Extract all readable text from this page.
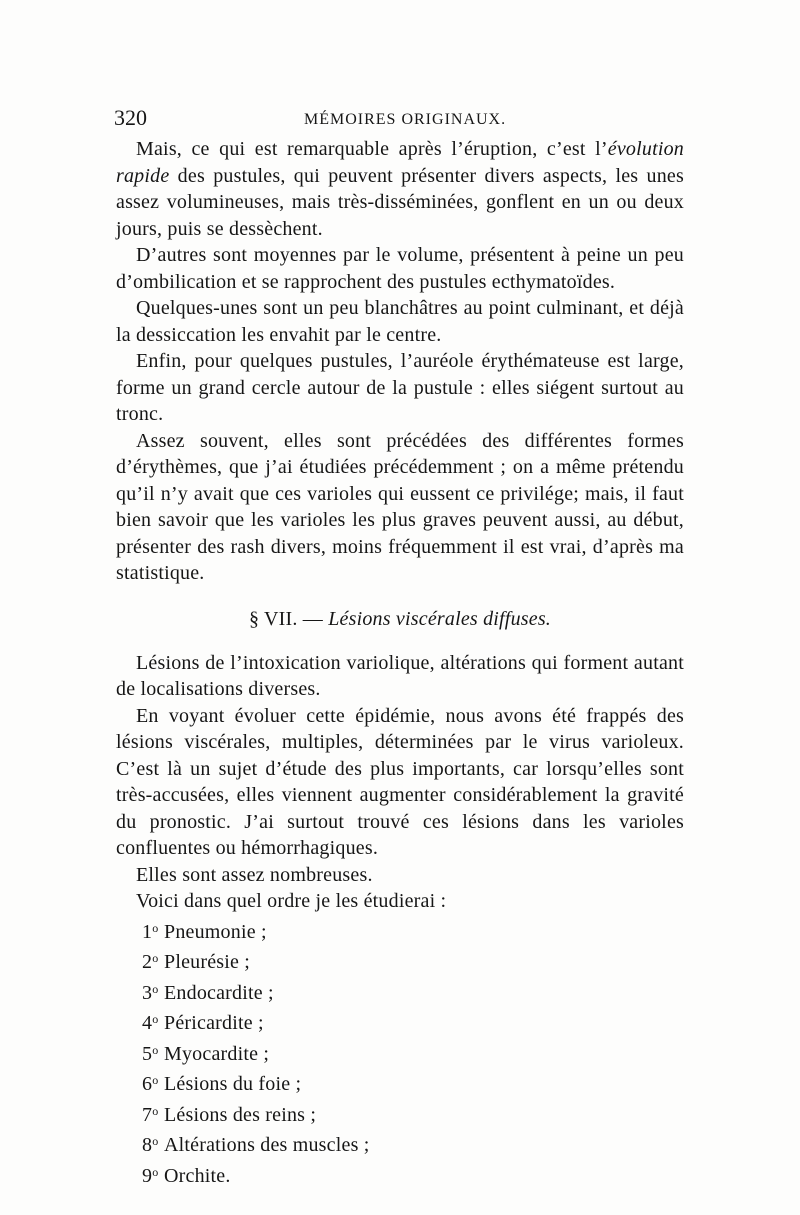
320	MÉMOIRES ORIGINAUX.

Mais, ce qui est remarquable après l’éruption, c’est l’évolution rapide des pustules, qui peuvent présenter divers aspects, les unes assez volumineuses, mais très-disséminées, gonflent en un ou deux jours, puis se dessèchent.

D’autres sont moyennes par le volume, présentent à peine un peu d’ombilication et se rapprochent des pustules ecthymatoïdes.

Quelques-unes sont un peu blanchâtres au point culminant, et déjà la dessiccation les envahit par le centre.

Enfin, pour quelques pustules, l’auréole érythémateuse est large, forme un grand cercle autour de la pustule : elles siégent surtout au tronc.

Assez souvent, elles sont précédées des différentes formes d’érythèmes, que j’ai étudiées précédemment ; on a même prétendu qu’il n’y avait que ces varioles qui eussent ce privilége; mais, il faut bien savoir que les varioles les plus graves peuvent aussi, au début, présenter des rash divers, moins fréquemment il est vrai, d’après ma statistique.

§ VII. — Lésions viscérales diffuses.

Lésions de l’intoxication variolique, altérations qui forment autant de localisations diverses.

En voyant évoluer cette épidémie, nous avons été frappés des lésions viscérales, multiples, déterminées par le virus varioleux. C’est là un sujet d’étude des plus importants, car lorsqu’elles sont très-accusées, elles viennent augmenter considérablement la gravité du pronostic. J’ai surtout trouvé ces lésions dans les varioles confluentes ou hémorrhagiques.

Elles sont assez nombreuses.

Voici dans quel ordre je les étudierai :

1$^o$ Pneumonie ;
2$^o$ Pleurésie ;
3$^o$ Endocardite ;
4$^o$ Péricardite ;
5$^o$ Myocardite ;
6$^o$ Lésions du foie ;
7$^o$ Lésions des reins ;
8$^o$ Altérations des muscles ;
9$^o$ Orchite.
